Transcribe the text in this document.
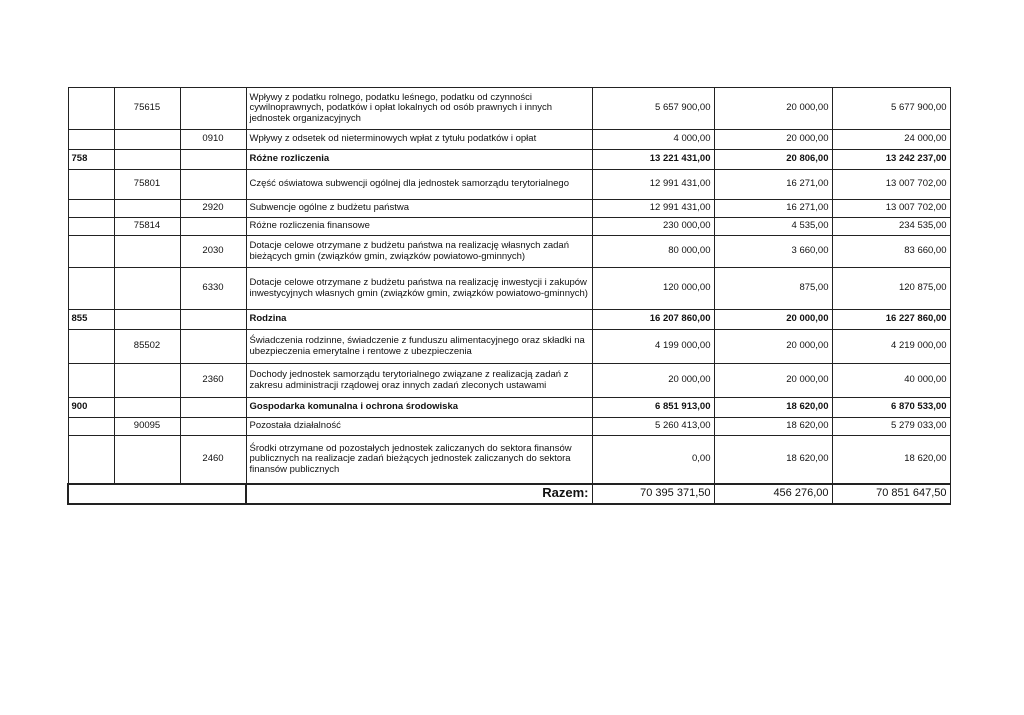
	75615		Wpływy z podatku rolnego, podatku leśnego, podatku od czynności cywilnoprawnych, podatków i opłat lokalnych od osób prawnych i innych jednostek organizacyjnych	5 657 900,00	20 000,00	5 677 900,00
		0910	Wpływy z odsetek od nieterminowych wpłat z tytułu podatków i opłat	4 000,00	20 000,00	24 000,00
758			Różne rozliczenia	13 221 431,00	20 806,00	13 242 237,00
	75801		Część oświatowa subwencji ogólnej dla jednostek samorządu terytorialnego	12 991 431,00	16 271,00	13 007 702,00
		2920	Subwencje ogólne z budżetu państwa	12 991 431,00	16 271,00	13 007 702,00
	75814		Różne rozliczenia finansowe	230 000,00	4 535,00	234 535,00
		2030	Dotacje celowe otrzymane z budżetu państwa na realizację własnych zadań bieżących gmin (związków gmin, związków powiatowo-gminnych)	80 000,00	3 660,00	83 660,00
		6330	Dotacje celowe otrzymane z budżetu państwa na realizację inwestycji i zakupów inwestycyjnych własnych gmin (związków gmin, związków powiatowo-gminnych)	120 000,00	875,00	120 875,00
855			Rodzina	16 207 860,00	20 000,00	16 227 860,00
	85502		Świadczenia rodzinne, świadczenie z funduszu alimentacyjnego oraz składki na ubezpieczenia emerytalne i rentowe z ubezpieczenia	4 199 000,00	20 000,00	4 219 000,00
		2360	Dochody jednostek samorządu terytorialnego związane z realizacją zadań z zakresu administracji rządowej oraz innych zadań zleconych ustawami	20 000,00	20 000,00	40 000,00
900			Gospodarka komunalna i ochrona środowiska	6 851 913,00	18 620,00	6 870 533,00
	90095		Pozostała działalność	5 260 413,00	18 620,00	5 279 033,00
		2460	Środki otrzymane od pozostałych jednostek zaliczanych do sektora finansów publicznych na realizacje zadań bieżących jednostek zaliczanych do sektora finansów publicznych	0,00	18 620,00	18 620,00
			Razem:	70 395 371,50	456 276,00	70 851 647,50
